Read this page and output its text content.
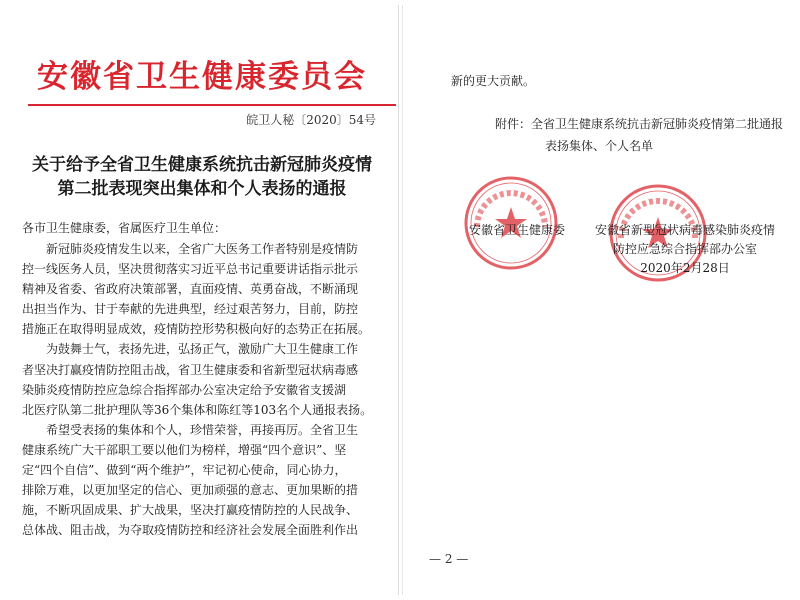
安徽省卫生健康委员会
皖卫人秘〔2020〕54号
关于给予全省卫生健康系统抗击新冠肺炎疫情
第二批表现突出集体和个人表扬的通报
各市卫生健康委，省属医疗卫生单位：

新冠肺炎疫情发生以来，全省广大医务工作者特别是疫情防
控一线医务人员，坚决贯彻落实习近平总书记重要讲话指示批示
精神及省委、省政府决策部署，直面疫情、英勇奋战，不断涌现
出担当作为、甘于奉献的先进典型，经过艰苦努力，目前，防控
措施正在取得明显成效，疫情防控形势积极向好的态势正在拓展。

为鼓舞士气，表扬先进，弘扬正气，激励广大卫生健康工作
者坚决打赢疫情防控阻击战，省卫生健康委和省新型冠状病毒感
染肺炎疫情防控应急综合指挥部办公室决定给予安徽省支援湖
北医疗队第二批护理队等36个集体和陈红等103名个人通报表扬。

希望受表扬的集体和个人，珍惜荣誉，再接再厉。全省卫生
健康系统广大干部职工要以他们为榜样，增强“四个意识”、坚
定“四个自信”、做到“两个维护”，牢记初心使命，同心协力，
排除万难，以更加坚定的信心、更加顽强的意志、更加果断的措
施，不断巩固成果、扩大战果，坚决打赢疫情防控的人民战争、
总体战、阻击战，为夺取疫情防控和经济社会发展全面胜利作出

新的更大贡献。
附件：全省卫生健康系统抗击新冠肺炎疫情第二批通报
表扬集体、个人名单
安徽省卫生健康委 安徽省新型冠状病毒感染肺炎疫情
防控应急综合指挥部办公室
2020年2月28日
— 2 —
